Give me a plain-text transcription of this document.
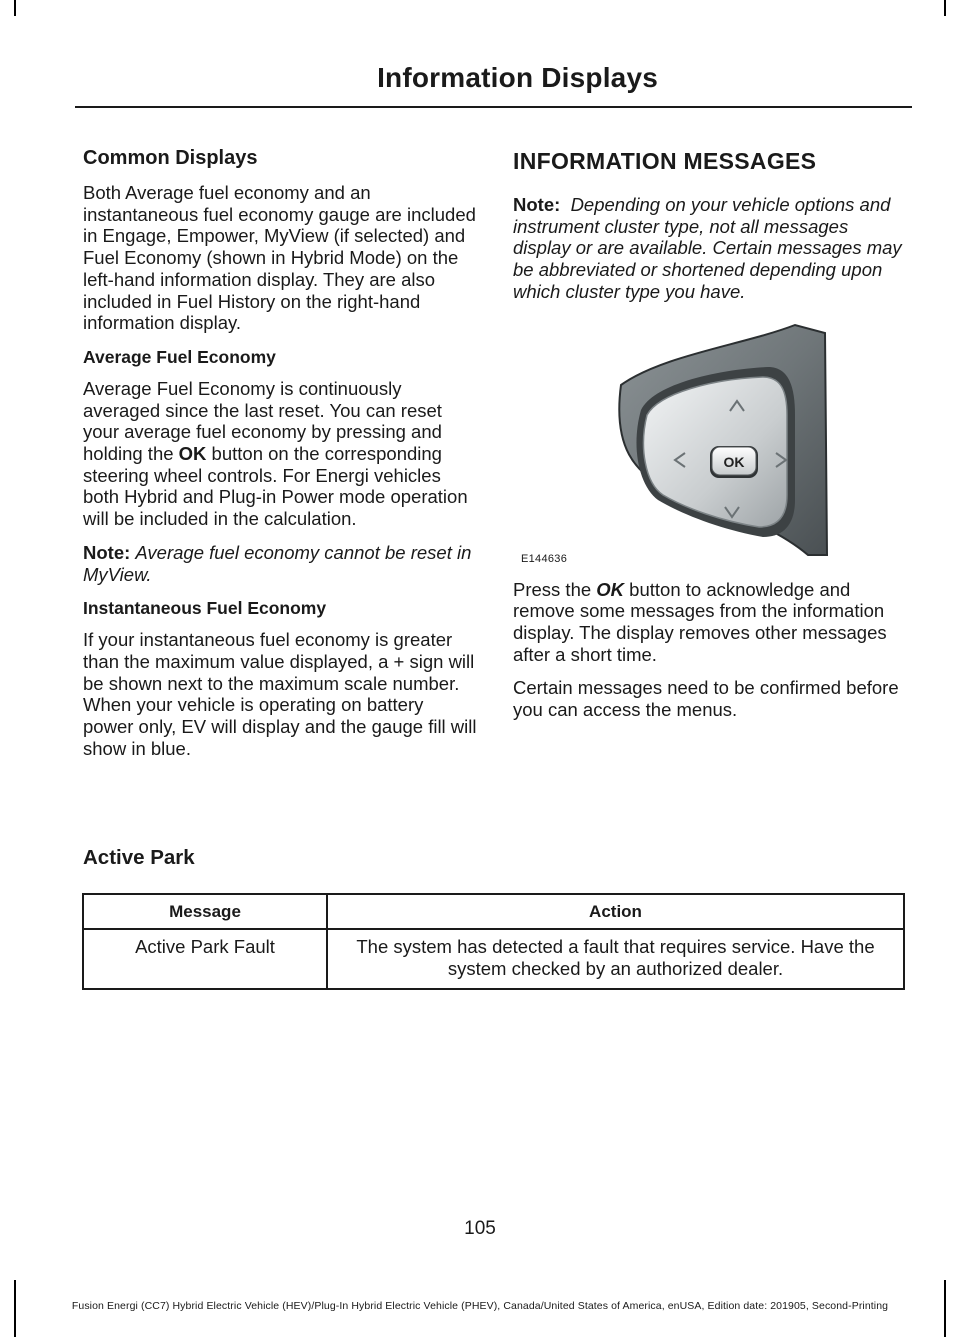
Information Displays
Common Displays

Both Average fuel economy and an instantaneous fuel economy gauge are included in Engage, Empower, MyView (if selected) and Fuel Economy (shown in Hybrid Mode) on the left-hand information display. They are also included in Fuel History on the right-hand information display.

Average Fuel Economy

Average Fuel Economy is continuously averaged since the last reset. You can reset your average fuel economy by pressing and holding the OK button on the corresponding steering wheel controls. For Energi vehicles both Hybrid and Plug-in Power mode operation will be included in the calculation.

Note: Average fuel economy cannot be reset in MyView.

Instantaneous Fuel Economy

If your instantaneous fuel economy is greater than the maximum value displayed, a + sign will be shown next to the maximum scale number. When your vehicle is operating on battery power only, EV will display and the gauge fill will show in blue.

INFORMATION MESSAGES

Note: Depending on your vehicle options and instrument cluster type, not all messages display or are available. Certain messages may be abbreviated or shortened depending upon which cluster type you have.

OK
E144636

Press the OK button to acknowledge and remove some messages from the information display. The display removes other messages after a short time.

Certain messages need to be confirmed before you can access the menus.

Active Park
Message	Action
Active Park Fault	The system has detected a fault that requires service. Have the system checked by an authorized dealer.
105
Fusion Energi (CC7) Hybrid Electric Vehicle (HEV)/Plug-In Hybrid Electric Vehicle (PHEV), Canada/United States of America, enUSA, Edition date: 201905, Second-Printing
